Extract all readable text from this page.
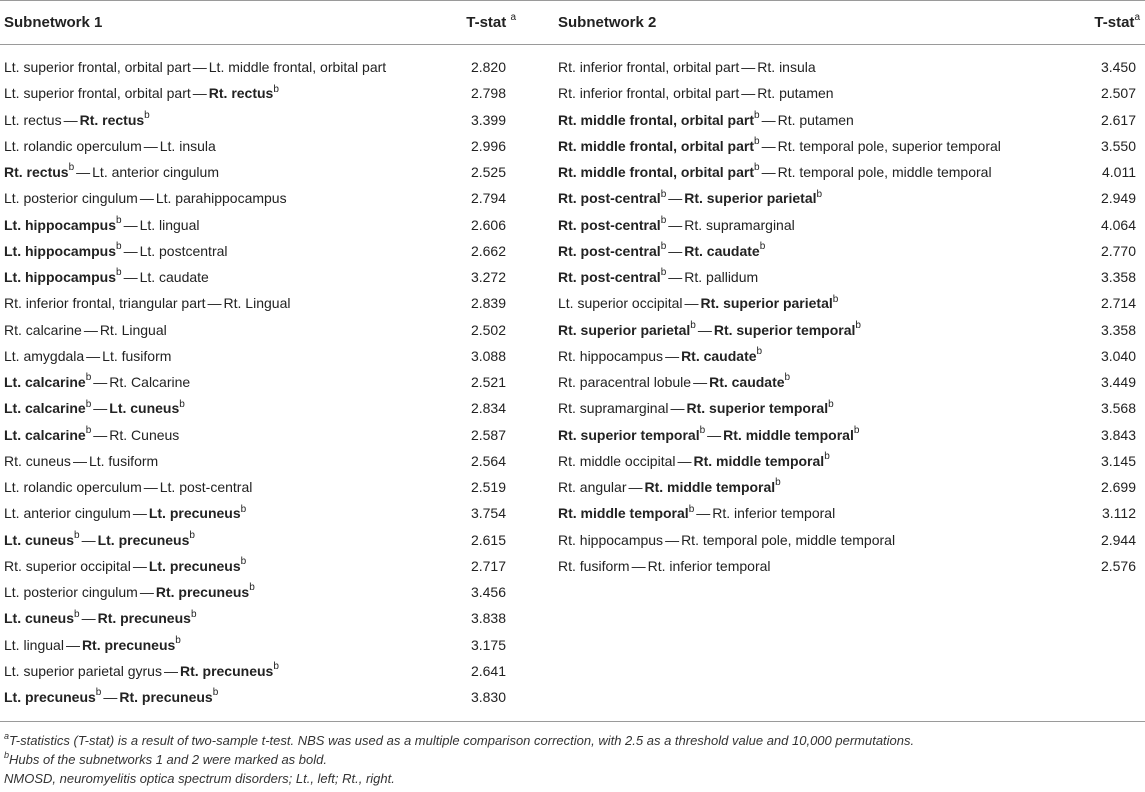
Subnetwork 1	T-stat $^a$
Lt. superior frontal, orbital part — Lt. middle frontal, orbital part	2.820
Lt. superior frontal, orbital part — Rt. rectus$^b$	2.798
Lt. rectus — Rt. rectus$^b$	3.399
Lt. rolandic operculum — Lt. insula	2.996
Rt. rectus$^b$ — Lt. anterior cingulum	2.525
Lt. posterior cingulum — Lt. parahippocampus	2.794
Lt. hippocampus$^b$ — Lt. lingual	2.606
Lt. hippocampus$^b$ — Lt. postcentral	2.662
Lt. hippocampus$^b$ — Lt. caudate	3.272
Rt. inferior frontal, triangular part — Rt. Lingual	2.839
Rt. calcarine — Rt. Lingual	2.502
Lt. amygdala — Lt. fusiform	3.088
Lt. calcarine$^b$ — Rt. Calcarine	2.521
Lt. calcarine$^b$ — Lt. cuneus$^b$	2.834
Lt. calcarine$^b$ — Rt. Cuneus	2.587
Rt. cuneus — Lt. fusiform	2.564
Lt. rolandic operculum — Lt. post-central	2.519
Lt. anterior cingulum — Lt. precuneus$^b$	3.754
Lt. cuneus$^b$ — Lt. precuneus$^b$	2.615
Rt. superior occipital — Lt. precuneus$^b$	2.717
Lt. posterior cingulum — Rt. precuneus$^b$	3.456
Lt. cuneus$^b$ — Rt. precuneus$^b$	3.838
Lt. lingual — Rt. precuneus$^b$	3.175
Lt. superior parietal gyrus — Rt. precuneus$^b$	2.641
Lt. precuneus$^b$ — Rt. precuneus$^b$	3.830
Subnetwork 2	T-stat$^a$
Rt. inferior frontal, orbital part — Rt. insula	3.450
Rt. inferior frontal, orbital part — Rt. putamen	2.507
Rt. middle frontal, orbital part$^b$ — Rt. putamen	2.617
Rt. middle frontal, orbital part$^b$ — Rt. temporal pole, superior temporal	3.550
Rt. middle frontal, orbital part$^b$ — Rt. temporal pole, middle temporal	4.011
Rt. post-central$^b$ — Rt. superior parietal$^b$	2.949
Rt. post-central$^b$ — Rt. supramarginal	4.064
Rt. post-central$^b$ — Rt. caudate$^b$	2.770
Rt. post-central$^b$ — Rt. pallidum	3.358
Lt. superior occipital — Rt. superior parietal$^b$	2.714
Rt. superior parietal$^b$ — Rt. superior temporal$^b$	3.358
Rt. hippocampus — Rt. caudate$^b$	3.040
Rt. paracentral lobule — Rt. caudate$^b$	3.449
Rt. supramarginal — Rt. superior temporal$^b$	3.568
Rt. superior temporal$^b$ — Rt. middle temporal$^b$	3.843
Rt. middle occipital — Rt. middle temporal$^b$	3.145
Rt. angular — Rt. middle temporal$^b$	2.699
Rt. middle temporal$^b$ — Rt. inferior temporal	3.112
Rt. hippocampus — Rt. temporal pole, middle temporal	2.944
Rt. fusiform — Rt. inferior temporal	2.576
$^a$T-statistics (T-stat) is a result of two-sample t-test. NBS was used as a multiple comparison correction, with 2.5 as a threshold value and 10,000 permutations.
$^b$Hubs of the subnetworks 1 and 2 were marked as bold.
NMOSD, neuromyelitis optica spectrum disorders; Lt., left; Rt., right.
